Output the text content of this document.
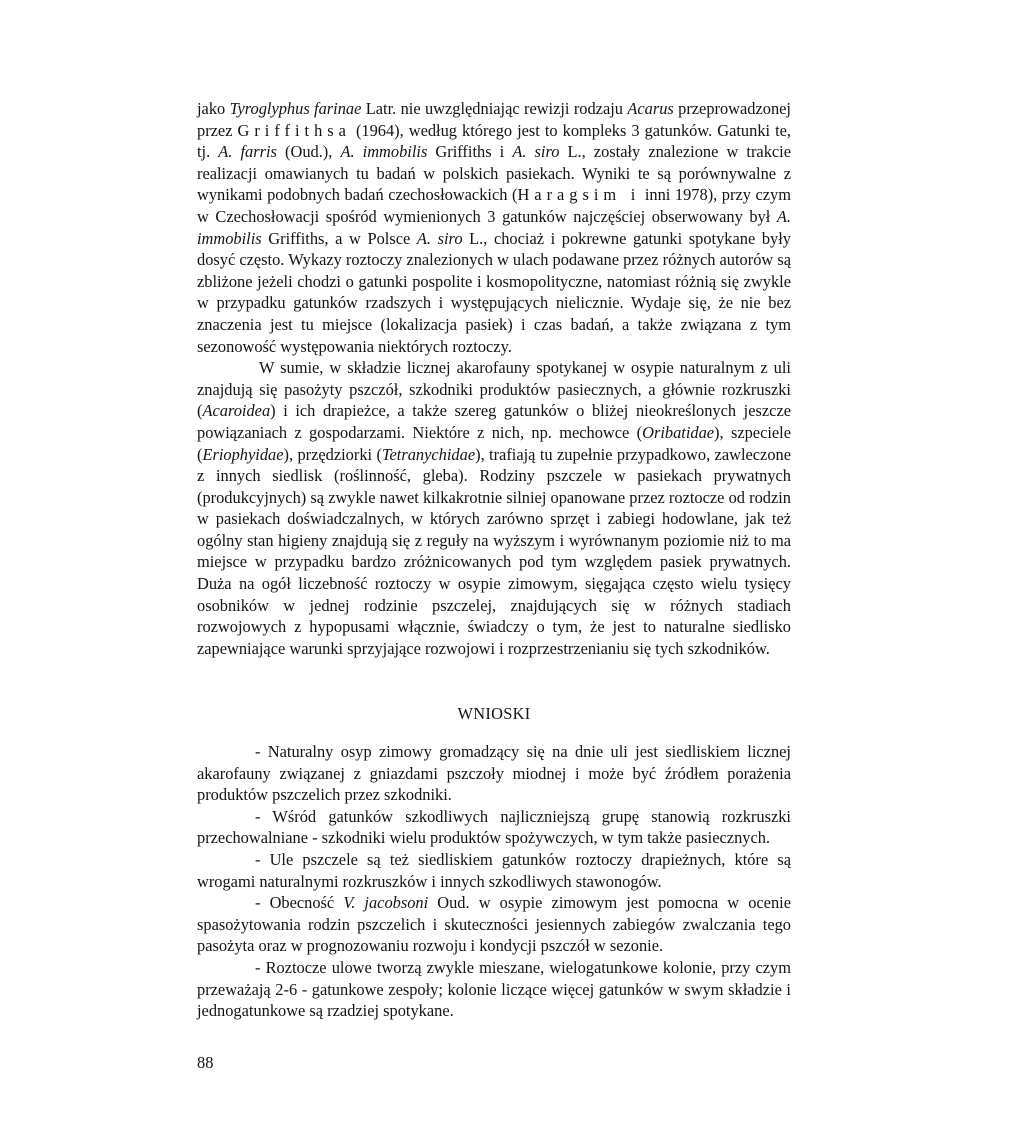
jako Tyroglyphus farinae Latr. nie uwzględniając rewizji rodzaju Acarus przeprowadzonej przez Griffithsa (1964), według którego jest to kompleks 3 gatunków. Gatunki te, tj. A. farris (Oud.), A. immobilis Griffiths i A. siro L., zostały znalezione w trakcie realizacji omawianych tu badań w polskich pasiekach. Wyniki te są porównywalne z wynikami podobnych badań czechosłowackich (Haragsim i inni 1978), przy czym w Czechosłowacji spośród wymienionych 3 gatunków najczęściej obserwowany był A. immobilis Griffiths, a w Polsce A. siro L., chociaż i pokrewne gatunki spotykane były dosyć często. Wykazy roztoczy znalezionych w ulach podawane przez różnych autorów są zbliżone jeżeli chodzi o gatunki pospolite i kosmopolityczne, natomiast różnią się zwykle w przypadku gatunków rzadszych i występujących nielicznie. Wydaje się, że nie bez znaczenia jest tu miejsce (lokalizacja pasiek) i czas badań, a także związana z tym sezonowość występowania niektórych roztoczy.

W sumie, w składzie licznej akarofauny spotykanej w osypie naturalnym z uli znajdują się pasożyty pszczół, szkodniki produktów pasiecznych, a głównie rozkruszki (Acaroidea) i ich drapieżce, a także szereg gatunków o bliżej nieokreślonych jeszcze powiązaniach z gospodarzami. Niektóre z nich, np. mechowce (Oribatidae), szpeciele (Eriophyidae), przędziorki (Tetranychidae), trafiają tu zupełnie przypadkowo, zawleczone z innych siedlisk (roślinność, gleba). Rodziny pszczele w pasiekach prywatnych (produkcyjnych) są zwykle nawet kilkakrotnie silniej opanowane przez roztocze od rodzin w pasiekach doświadczalnych, w których zarówno sprzęt i zabiegi hodowlane, jak też ogólny stan higieny znajdują się z reguły na wyższym i wyrównanym poziomie niż to ma miejsce w przypadku bardzo zróżnicowanych pod tym względem pasiek prywatnych. Duża na ogół liczebność roztoczy w osypie zimowym, sięgająca często wielu tysięcy osobników w jednej rodzinie pszczelej, znajdujących się w różnych stadiach rozwojowych z hypopusami włącznie, świadczy o tym, że jest to naturalne siedlisko zapewniające warunki sprzyjające rozwojowi i rozprzestrzenianiu się tych szkodników.

WNIOSKI

- Naturalny osyp zimowy gromadzący się na dnie uli jest siedliskiem licznej akarofauny związanej z gniazdami pszczoły miodnej i może być źródłem porażenia produktów pszczelich przez szkodniki.

- Wśród gatunków szkodliwych najliczniejszą grupę stanowią rozkruszki przechowalniane - szkodniki wielu produktów spożywczych, w tym także pasiecznych.

- Ule pszczele są też siedliskiem gatunków roztoczy drapieżnych, które są wrogami naturalnymi rozkruszków i innych szkodliwych stawonogów.

- Obecność V. jacobsoni Oud. w osypie zimowym jest pomocna w ocenie spasożytowania rodzin pszczelich i skuteczności jesiennych zabiegów zwalczania tego pasożyta oraz w prognozowaniu rozwoju i kondycji pszczół w sezonie.

- Roztocze ulowe tworzą zwykle mieszane, wielogatunkowe kolonie, przy czym przeważają 2-6 - gatunkowe zespoły; kolonie liczące więcej gatunków w swym składzie i jednogatunkowe są rzadziej spotykane.

88
